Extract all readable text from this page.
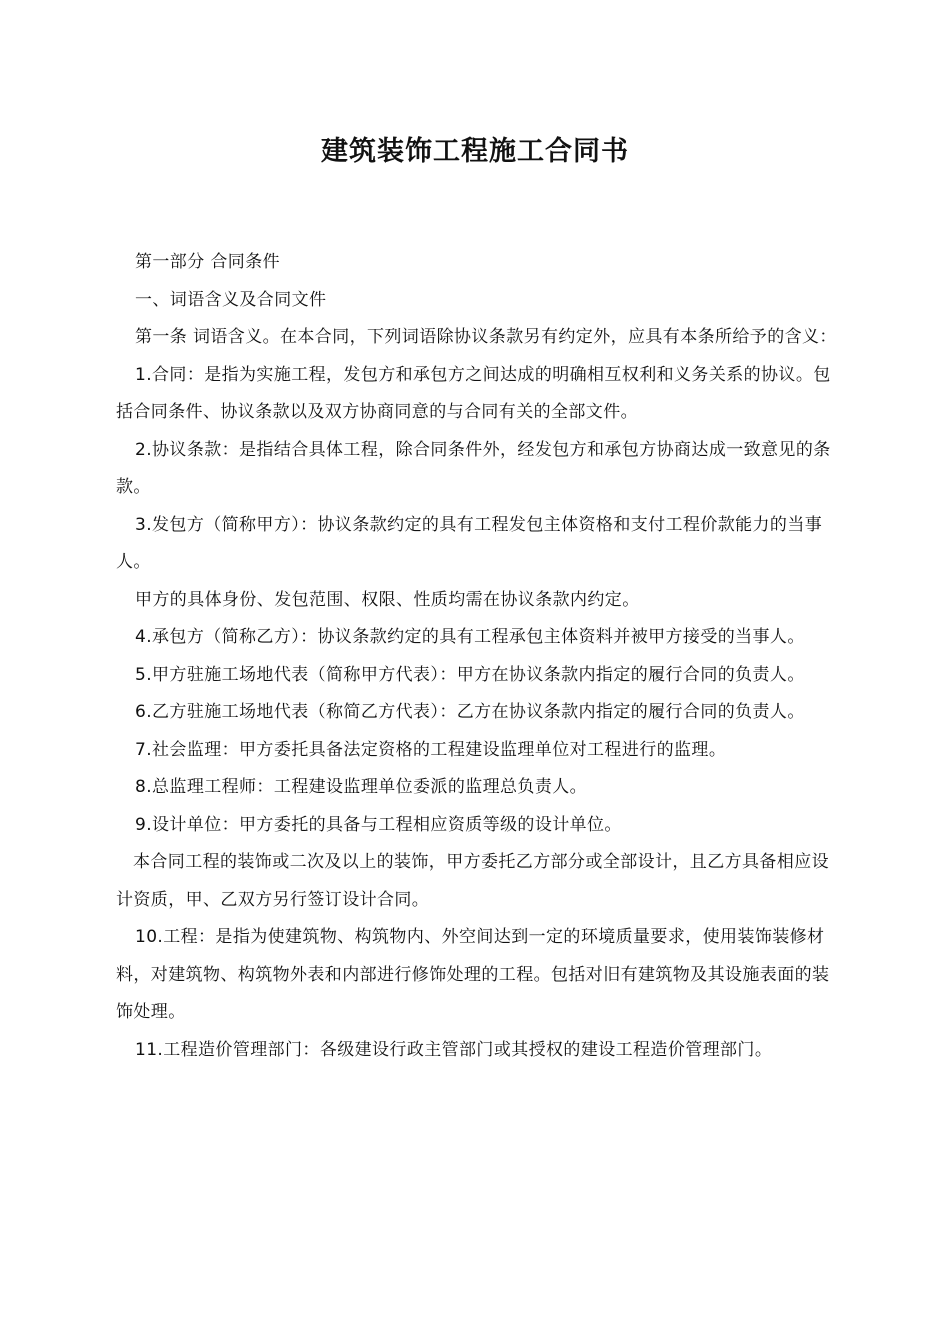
建筑装饰工程施工合同书

第一部分 合同条件

一、词语含义及合同文件

第一条 词语含义。在本合同，下列词语除协议条款另有约定外，应具有本条所给予的含义：

1.合同：是指为实施工程，发包方和承包方之间达成的明确相互权利和义务关系的协议。包括合同条件、协议条款以及双方协商同意的与合同有关的全部文件。

2.协议条款：是指结合具体工程，除合同条件外，经发包方和承包方协商达成一致意见的条款。

3.发包方（简称甲方）：协议条款约定的具有工程发包主体资格和支付工程价款能力的当事人。

甲方的具体身份、发包范围、权限、性质均需在协议条款内约定。

4.承包方（简称乙方）：协议条款约定的具有工程承包主体资料并被甲方接受的当事人。

5.甲方驻施工场地代表（简称甲方代表）：甲方在协议条款内指定的履行合同的负责人。

6.乙方驻施工场地代表（称简乙方代表）：乙方在协议条款内指定的履行合同的负责人。

7.社会监理：甲方委托具备法定资格的工程建设监理单位对工程进行的监理。

8.总监理工程师：工程建设监理单位委派的监理总负责人。

9.设计单位：甲方委托的具备与工程相应资质等级的设计单位。

本合同工程的装饰或二次及以上的装饰，甲方委托乙方部分或全部设计，且乙方具备相应设计资质，甲、乙双方另行签订设计合同。

10.工程：是指为使建筑物、构筑物内、外空间达到一定的环境质量要求，使用装饰装修材料，对建筑物、构筑物外表和内部进行修饰处理的工程。包括对旧有建筑物及其设施表面的装饰处理。

11.工程造价管理部门：各级建设行政主管部门或其授权的建设工程造价管理部门。
